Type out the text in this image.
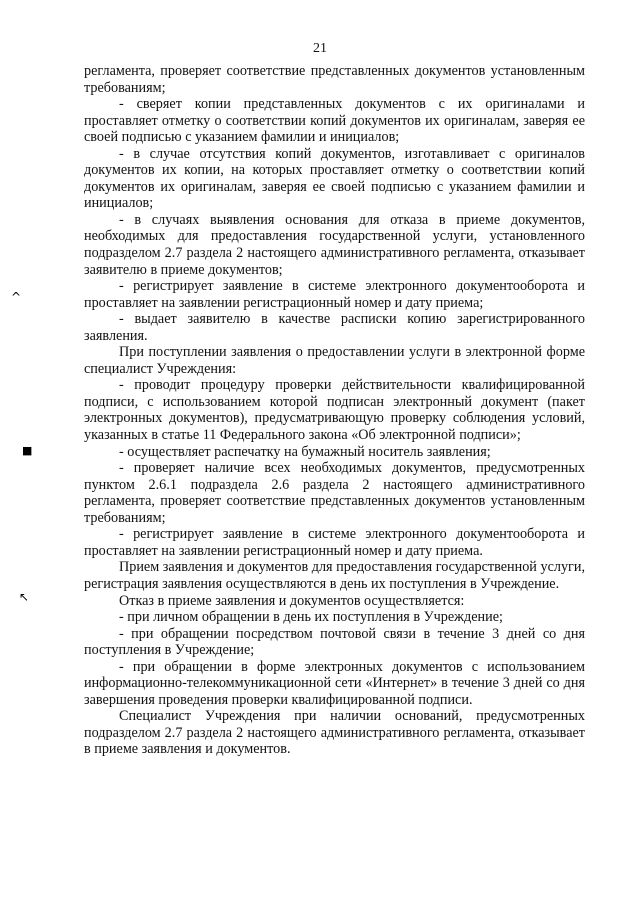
21
^
■
↖

регламента, проверяет соответствие представленных документов установленным требованиям;

- сверяет копии представленных документов с их оригиналами и проставляет отметку о соответствии копий документов их оригиналам, заверяя ее своей подписью с указанием фамилии и инициалов;

- в случае отсутствия копий документов, изготавливает с оригиналов документов их копии, на которых проставляет отметку о соответствии копий документов их оригиналам, заверяя ее своей подписью с указанием фамилии и инициалов;

- в случаях выявления основания для отказа в приеме документов, необходимых для предоставления государственной услуги, установленного подразделом 2.7 раздела 2 настоящего административного регламента, отказывает заявителю в приеме документов;

- регистрирует заявление в системе электронного документооборота и проставляет на заявлении регистрационный номер и дату приема;

- выдает заявителю в качестве расписки копию зарегистрированного заявления.

При поступлении заявления о предоставлении услуги в электронной форме специалист Учреждения:

- проводит процедуру проверки действительности квалифицированной подписи, с использованием которой подписан электронный документ (пакет электронных документов), предусматривающую проверку соблюдения условий, указанных в статье 11 Федерального закона «Об электронной подписи»;

- осуществляет распечатку на бумажный носитель заявления;

- проверяет наличие всех необходимых документов, предусмотренных пунктом 2.6.1 подраздела 2.6 раздела 2 настоящего административного регламента, проверяет соответствие представленных документов установленным требованиям;

- регистрирует заявление в системе электронного документооборота и проставляет на заявлении регистрационный номер и дату приема.

Прием заявления и документов для предоставления государственной услуги, регистрация заявления осуществляются в день их поступления в Учреждение.

Отказ в приеме заявления и документов осуществляется:

- при личном обращении в день их поступления в Учреждение;

- при обращении посредством почтовой связи в течение 3 дней со дня поступления в Учреждение;

- при обращении в форме электронных документов с использованием информационно-телекоммуникационной сети «Интернет» в течение 3 дней со дня завершения проведения проверки квалифицированной подписи.

Специалист Учреждения при наличии оснований, предусмотренных подразделом 2.7 раздела 2 настоящего административного регламента, отказывает в приеме заявления и документов.
